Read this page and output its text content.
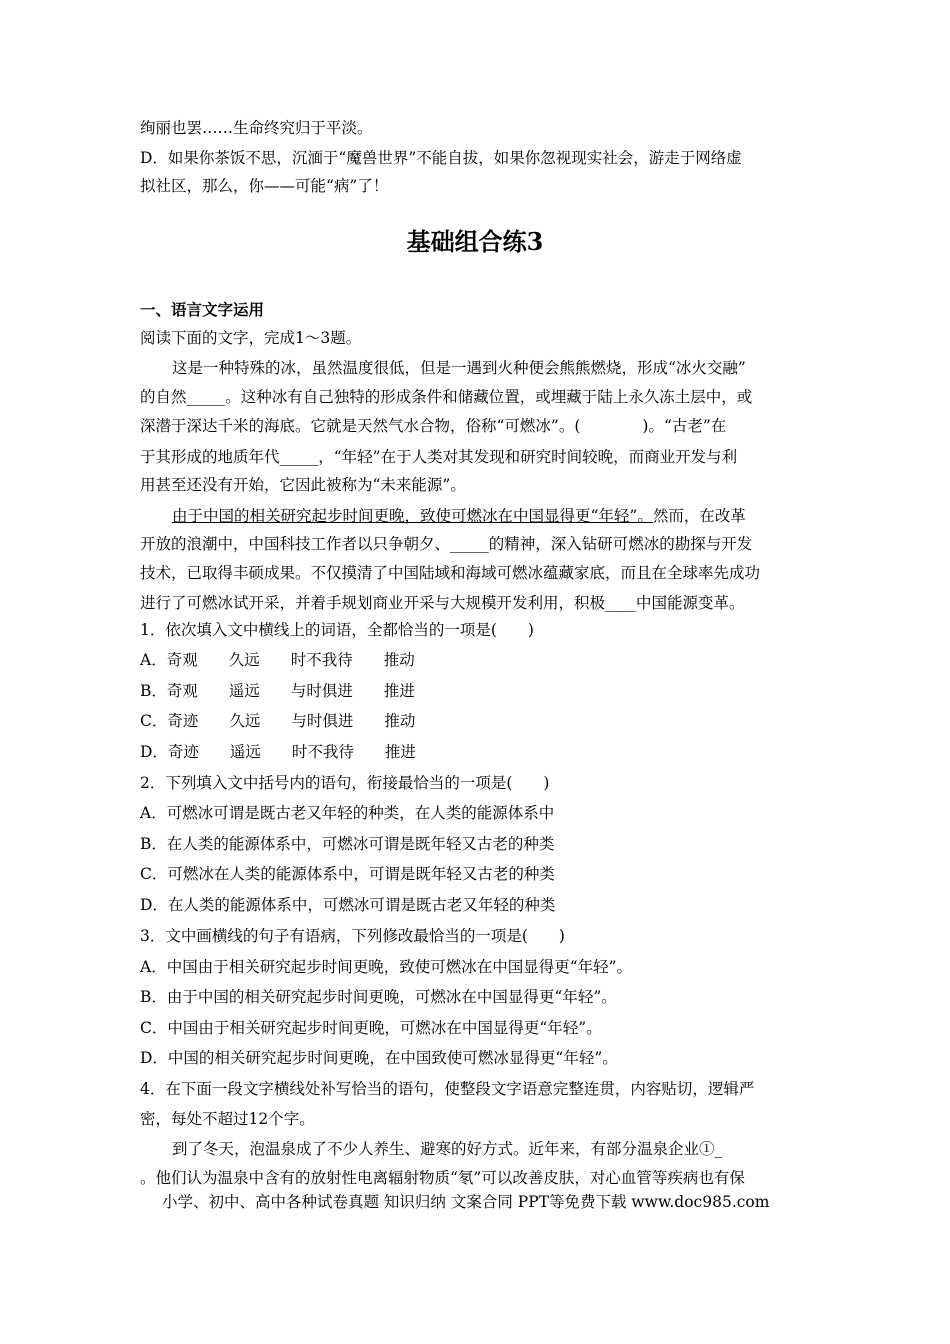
绚丽也罢……生命终究归于平淡。
D．如果你茶饭不思，沉湎于“魔兽世界”不能自拔，如果你忽视现实社会，游走于网络虚
拟社区，那么，你——可能“病”了！
基础组合练3
一、语言文字运用
阅读下面的文字，完成1～3题。
这是一种特殊的冰，虽然温度很低，但是一遇到火种便会熊熊燃烧，形成“冰火交融”
的自然_____。这种冰有自己独特的形成条件和储藏位置，或埋藏于陆上永久冻土层中，或
深潜于深达千米的海底。它就是天然气水合物，俗称“可燃冰”。(　　　　)。“古老”在
于其形成的地质年代_____，“年轻”在于人类对其发现和研究时间较晚，而商业开发与利
用甚至还没有开始，它因此被称为“未来能源”。
由于中国的相关研究起步时间更晚，致使可燃冰在中国显得更“年轻”。然而，在改革
开放的浪潮中，中国科技工作者以只争朝夕、_____的精神，深入钻研可燃冰的勘探与开发
技术，已取得丰硕成果。不仅摸清了中国陆域和海域可燃冰蕴藏家底，而且在全球率先成功
进行了可燃冰试开采，并着手规划商业开采与大规模开发利用，积极____中国能源变革。
1．依次填入文中横线上的词语，全都恰当的一项是(　　)
A．奇观　　久远　　时不我待　　推动
B．奇观　　遥远　　与时俱进　　推进
C．奇迹　　久远　　与时俱进　　推动
D．奇迹　　遥远　　时不我待　　推进
2．下列填入文中括号内的语句，衔接最恰当的一项是(　　)
A．可燃冰可谓是既古老又年轻的种类，在人类的能源体系中
B．在人类的能源体系中，可燃冰可谓是既年轻又古老的种类
C．可燃冰在人类的能源体系中，可谓是既年轻又古老的种类
D．在人类的能源体系中，可燃冰可谓是既古老又年轻的种类
3．文中画横线的句子有语病，下列修改最恰当的一项是(　　)
A．中国由于相关研究起步时间更晚，致使可燃冰在中国显得更“年轻”。
B．由于中国的相关研究起步时间更晚，可燃冰在中国显得更“年轻”。
C．中国由于相关研究起步时间更晚，可燃冰在中国显得更“年轻”。
D．中国的相关研究起步时间更晚，在中国致使可燃冰显得更“年轻”。
4．在下面一段文字横线处补写恰当的语句，使整段文字语意完整连贯，内容贴切，逻辑严
密，每处不超过12个字。
到了冬天，泡温泉成了不少人养生、避寒的好方式。近年来，有部分温泉企业①_
。他们认为温泉中含有的放射性电离辐射物质“氡”可以改善皮肤，对心血管等疾病也有保
小学、初中、高中各种试卷真题 知识归纳 文案合同 PPT等免费下载 www.doc985.com
